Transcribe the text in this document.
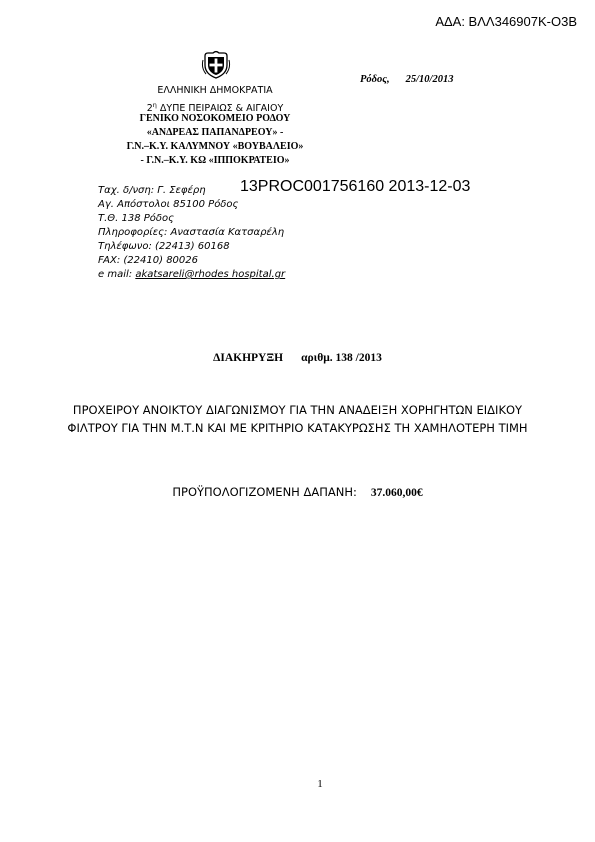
ΑΔΑ: ΒΛΛ346907Κ-Ο3Β
ΕΛΛΗΝΙΚΗ ΔΗΜΟΚΡΑΤΙΑ
$2^\eta$ ΔΥΠΕ ΠΕΙΡΑΙΩΣ & ΑΙΓΑΙΟΥ
ΓΕΝΙΚΟ ΝΟΣΟΚΟΜΕΙΟ ΡΟΔΟΥ
«ΑΝΔΡΕΑΣ ΠΑΠΑΝΔΡΕΟΥ» -
Γ.Ν.–Κ.Υ. ΚΑΛΥΜΝΟΥ «ΒΟΥΒΑΛΕΙΟ»
- Γ.Ν.–Κ.Υ. ΚΩ «ΙΠΠΟΚΡΑΤΕΙΟ»
Ρόδος, 25/10/2013
Ταχ. δ/νση: Γ. Σεφέρη 13PROC001756160 2013-12-03
Αγ. Απόστολοι 85100 Ρόδος
Τ.Θ. 138 Ρόδος
Πληροφορίες: Αναστασία Κατσαρέλη
Τηλέφωνο: (22413) 60168
FAX: (22410) 80026
e mail: akatsareli@rhodes hospital.gr
ΔΙΑΚΗΡΥΞΗ αριθμ. 138 /2013
ΠΡΟΧΕΙΡΟΥ ΑΝΟΙΚΤΟΥ ΔΙΑΓΩΝΙΣΜΟΥ ΓΙΑ ΤΗΝ ΑΝΑΔΕΙΞΗ ΧΟΡΗΓΗΤΩΝ ΕΙΔΙΚΟΥ ΦΙΛΤΡΟΥ ΓΙΑ ΤΗΝ Μ.Τ.Ν ΚΑΙ ΜΕ ΚΡΙΤΗΡΙΟ ΚΑΤΑΚΥΡΩΣΗΣ ΤΗ ΧΑΜΗΛΟΤΕΡΗ ΤΙΜΗ
ΠΡΟΫΠΟΛΟΓΙΖΟΜΕΝΗ ΔΑΠΑΝΗ: 37.060,00€
1
